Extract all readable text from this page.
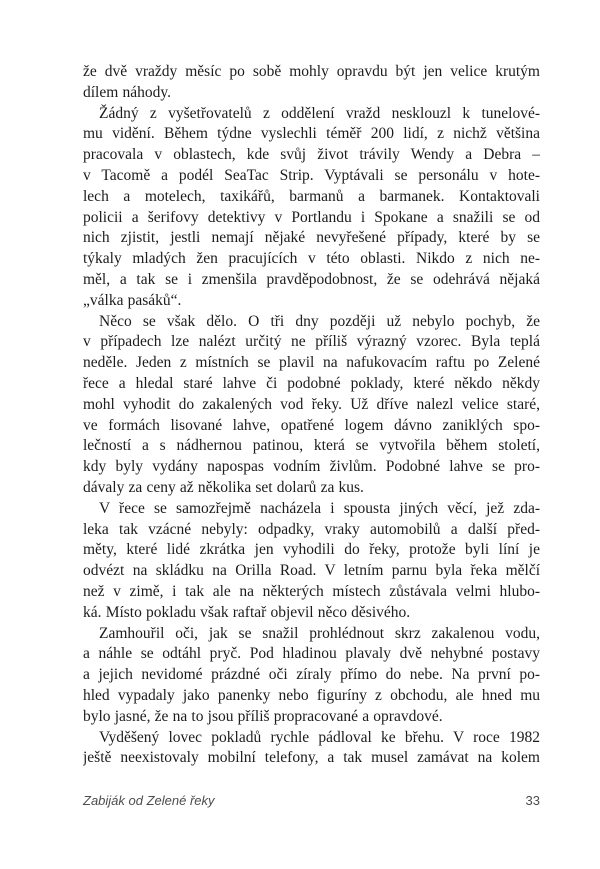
že dvě vraždy měsíc po sobě mohly opravdu být jen velice krutým
dílem náhody.
Žádný z vyšetřovatelů z oddělení vražd nesklouzl k tunelové-
mu vidění. Během týdne vyslechli téměř 200 lidí, z nichž většina
pracovala v oblastech, kde svůj život trávily Wendy a Debra –
v Tacomě a podél SeaTac Strip. Vyptávali se personálu v hote-
lech a motelech, taxikářů, barmanů a barmanek. Kontaktovali
policii a šerifovy detektivy v Portlandu i Spokane a snažili se od
nich zjistit, jestli nemají nějaké nevyřešené případy, které by se
týkaly mladých žen pracujících v této oblasti. Nikdo z nich ne-
měl, a tak se i zmenšila pravděpodobnost, že se odehrává nějaká
„válka pasáků“.
Něco se však dělo. O tři dny později už nebylo pochyb, že
v případech lze nalézt určitý ne příliš výrazný vzorec. Byla teplá
neděle. Jeden z místních se plavil na nafukovacím raftu po Zelené
řece a hledal staré lahve či podobné poklady, které někdo někdy
mohl vyhodit do zakalených vod řeky. Už dříve nalezl velice staré,
ve formách lisované lahve, opatřené logem dávno zaniklých spo-
lečností a s nádhernou patinou, která se vytvořila během století,
kdy byly vydány napospas vodním živlům. Podobné lahve se pro-
dávaly za ceny až několika set dolarů za kus.
V řece se samozřejmě nacházela i spousta jiných věcí, jež zda-
leka tak vzácné nebyly: odpadky, vraky automobilů a další před-
měty, které lidé zkrátka jen vyhodili do řeky, protože byli líní je
odvézt na skládku na Orilla Road. V letním parnu byla řeka mělčí
než v zimě, i tak ale na některých místech zůstávala velmi hlubo-
ká. Místo pokladu však raftař objevil něco děsivého.
Zamhouřil oči, jak se snažil prohlédnout skrz zakalenou vodu,
a náhle se odtáhl pryč. Pod hladinou plavaly dvě nehybné postavy
a jejich nevidomé prázdné oči zíraly přímo do nebe. Na první po-
hled vypadaly jako panenky nebo figuríny z obchodu, ale hned mu
bylo jasné, že na to jsou příliš propracované a opravdové.
Vyděšený lovec pokladů rychle pádloval ke břehu. V roce 1982
ještě neexistovaly mobilní telefony, a tak musel zamávat na kolem
Zabiják od Zelené řeky	33
